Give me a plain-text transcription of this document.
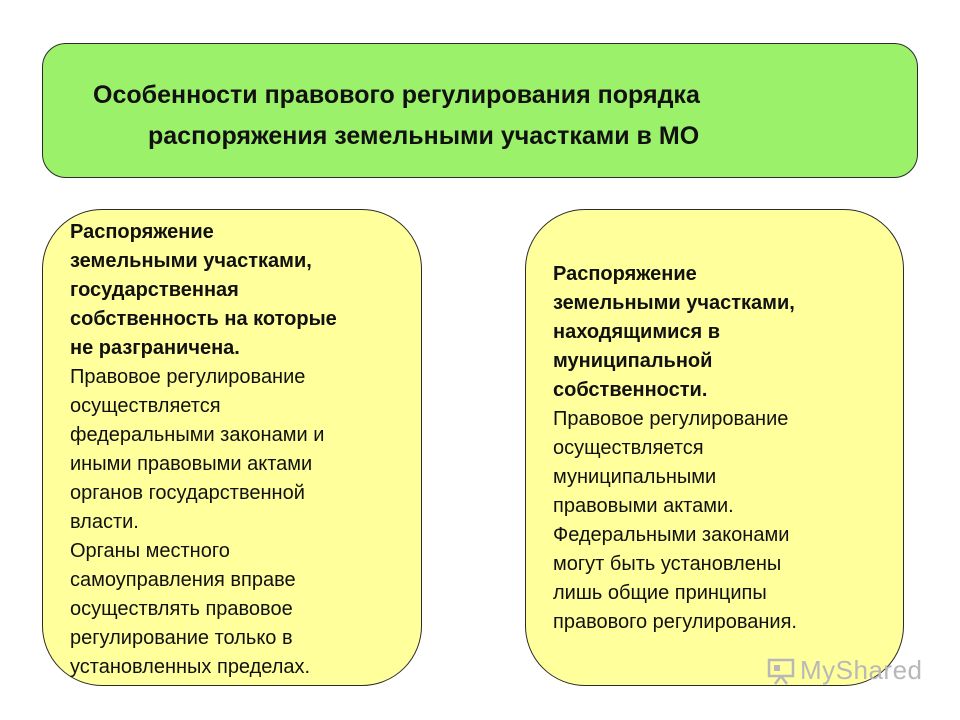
Особенности правового регулирования порядка
распоряжения земельными участками в МО
Распоряжение
земельными участками,
государственная
собственность на которые
не разграничена.
Правовое регулирование
осуществляется
федеральными законами и
иными правовыми актами
органов государственной
власти.
Органы местного
самоуправления вправе
осуществлять правовое
регулирование только в
установленных пределах.
Распоряжение
земельными участками,
находящимися в
муниципальной
собственности.
Правовое регулирование
осуществляется
муниципальными
правовыми актами.
Федеральными законами
могут быть установлены
лишь общие принципы
правового регулирования.
MyShared
